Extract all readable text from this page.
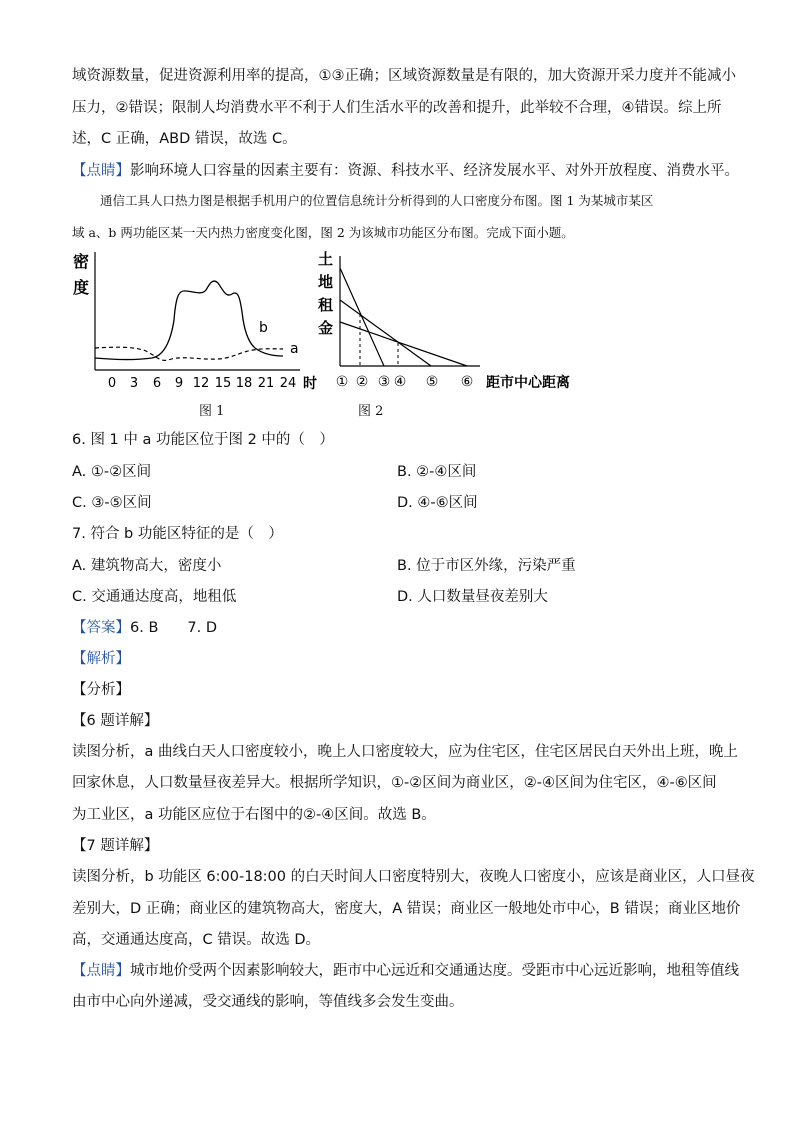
域资源数量，促进资源利用率的提高，①③正确；区域资源数量是有限的，加大资源开采力度并不能减小
压力，②错误；限制人均消费水平不利于人们生活水平的改善和提升，此举较不合理，④错误。综上所
述，C 正确，ABD 错误，故选 C。
【点睛】影响环境人口容量的因素主要有：资源、科技水平、经济发展水平、对外开放程度、消费水平。
通信工具人口热力图是根据手机用户的位置信息统计分析得到的人口密度分布图。图 1 为某城市某区
域 a、b 两功能区某一天内热力密度变化图，图 2 为该城市功能区分布图。完成下面小题。
密
度
b
a
0 3 6 9 12 15 18 21 24 时
图 1
土
地
租
金
① ② ③ ④ ⑤ ⑥ 距市中心距离
图 2
6. 图 1 中 a 功能区位于图 2 中的（　）
A. ①-②区间	B. ②-④区间
C. ③-⑤区间	D. ④-⑥区间
7. 符合 b 功能区特征的是（　）
A. 建筑物高大，密度小	B. 位于市区外缘，污染严重
C. 交通通达度高，地租低	D. 人口数量昼夜差别大
【答案】6. B　　7. D
【解析】
【分析】
【6 题详解】
读图分析，a 曲线白天人口密度较小，晚上人口密度较大，应为住宅区，住宅区居民白天外出上班，晚上
回家休息，人口数量昼夜差异大。根据所学知识，①-②区间为商业区，②-④区间为住宅区，④-⑥区间
为工业区，a 功能区应位于右图中的②-④区间。故选 B。
【7 题详解】
读图分析，b 功能区 6:00-18:00 的白天时间人口密度特别大，夜晚人口密度小，应该是商业区，人口昼夜
差别大，D 正确；商业区的建筑物高大，密度大，A 错误；商业区一般地处市中心，B 错误；商业区地价
高，交通通达度高，C 错误。故选 D。
【点睛】城市地价受两个因素影响较大，距市中心远近和交通通达度。受距市中心远近影响，地租等值线
由市中心向外递减，受交通线的影响，等值线多会发生变曲。
